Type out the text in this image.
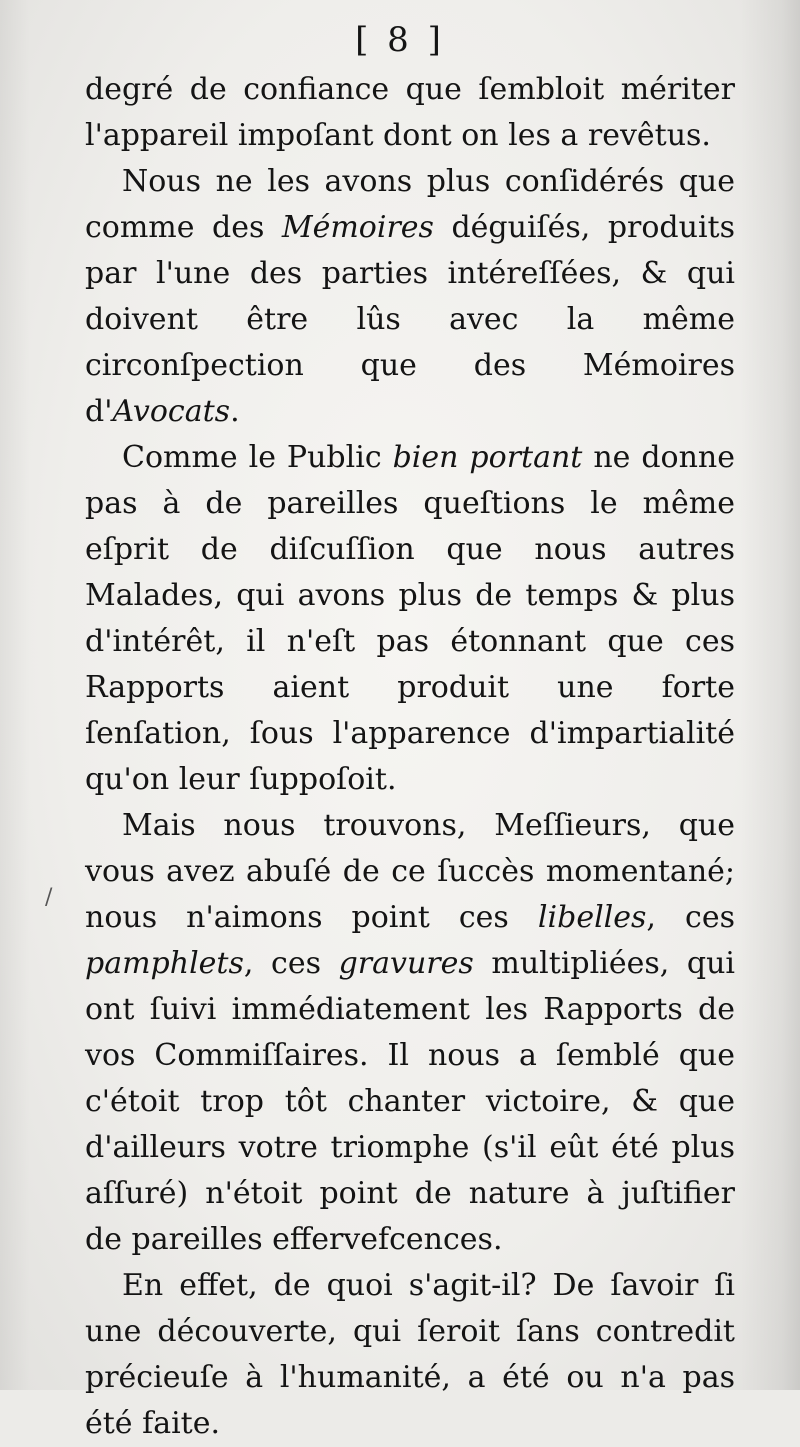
[ 8 ]

degré de confiance que ſembloit mériter l'appareil impoſant dont on les a revêtus.

Nous ne les avons plus conſidérés que comme des Mémoires déguiſés, produits par l'une des parties intéreſſées, & qui doivent être lûs avec la même circonſpection que des Mémoires d'Avocats.

Comme le Public bien portant ne donne pas à de pareilles queſtions le même eſprit de diſcuſſion que nous autres Malades, qui avons plus de temps & plus d'intérêt, il n'eſt pas étonnant que ces Rapports aient produit une forte ſenſation, ſous l'apparence d'impartialité qu'on leur ſuppoſoit.

Mais nous trouvons, Meſſieurs, que vous avez abuſé de ce ſuccès momentané; nous n'aimons point ces libelles, ces pamphlets, ces gravures multipliées, qui ont ſuivi immédiatement les Rapports de vos Commiſſaires. Il nous a ſemblé que c'étoit trop tôt chanter victoire, & que d'ailleurs votre triomphe (s'il eût été plus aſſuré) n'étoit point de nature à juſtifier de pareilles effervefcences.

En effet, de quoi s'agit-il? De ſavoir ſi une découverte, qui ſeroit ſans contredit précieuſe à l'humanité, a été ou n'a pas été faite.

/
